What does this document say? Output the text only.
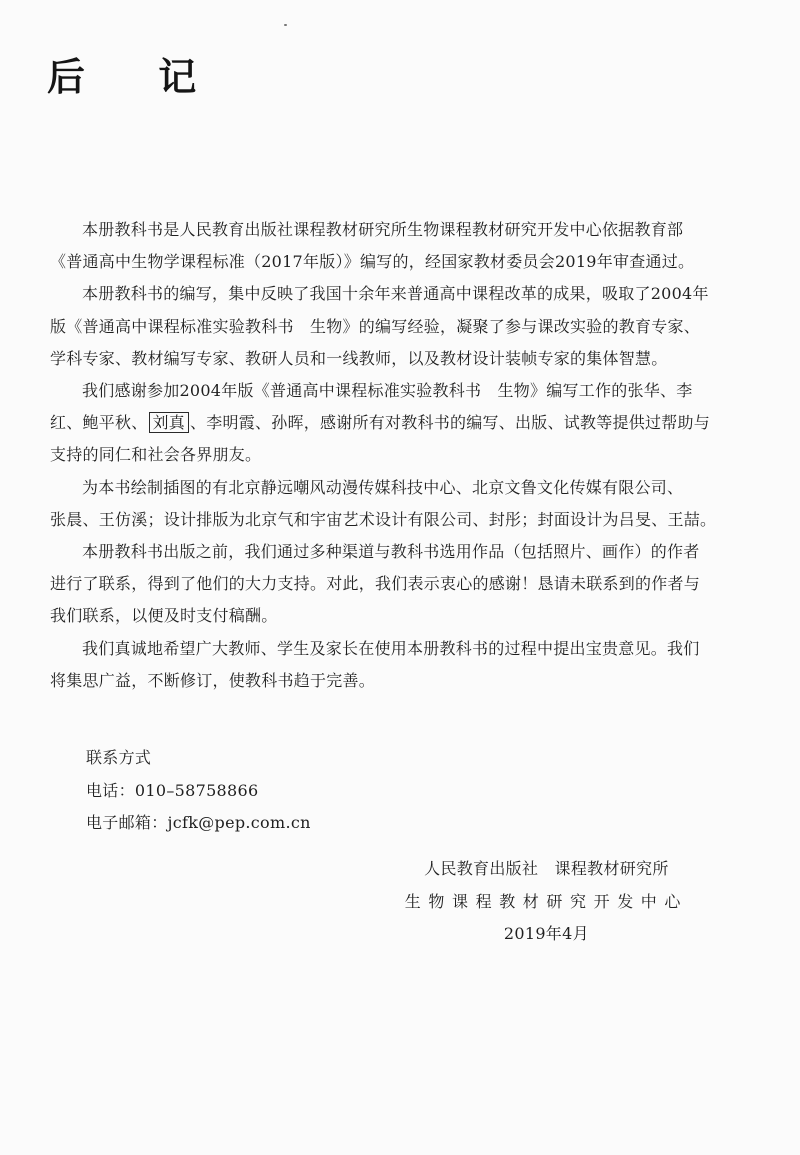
后 记

本册教科书是人民教育出版社课程教材研究所生物课程教材研究开发中心依据教育部
《普通高中生物学课程标准（2017年版）》编写的，经国家教材委员会2019年审查通过。

本册教科书的编写，集中反映了我国十余年来普通高中课程改革的成果，吸取了2004年
版《普通高中课程标准实验教科书　生物》的编写经验，凝聚了参与课改实验的教育专家、
学科专家、教材编写专家、教研人员和一线教师，以及教材设计装帧专家的集体智慧。

我们感谢参加2004年版《普通高中课程标准实验教科书　生物》编写工作的张华、李
红、鲍平秋、 刘真 、李明霞、孙晖，感谢所有对教科书的编写、出版、试教等提供过帮助与
支持的同仁和社会各界朋友。

为本书绘制插图的有北京静远嘲风动漫传媒科技中心、北京文鲁文化传媒有限公司、
张晨、王仿溪；设计排版为北京气和宇宙艺术设计有限公司、封彤；封面设计为吕旻、王喆。

本册教科书出版之前，我们通过多种渠道与教科书选用作品（包括照片、画作）的作者
进行了联系，得到了他们的大力支持。对此，我们表示衷心的感谢！恳请未联系到的作者与
我们联系，以便及时支付稿酬。

我们真诚地希望广大教师、学生及家长在使用本册教科书的过程中提出宝贵意见。我们
将集思广益，不断修订，使教科书趋于完善。

联系方式
电话：010–58758866
电子邮箱：jcfk@pep.com.cn
人民教育出版社　课程教材研究所
生物课程教材研究开发中心
2019年4月
